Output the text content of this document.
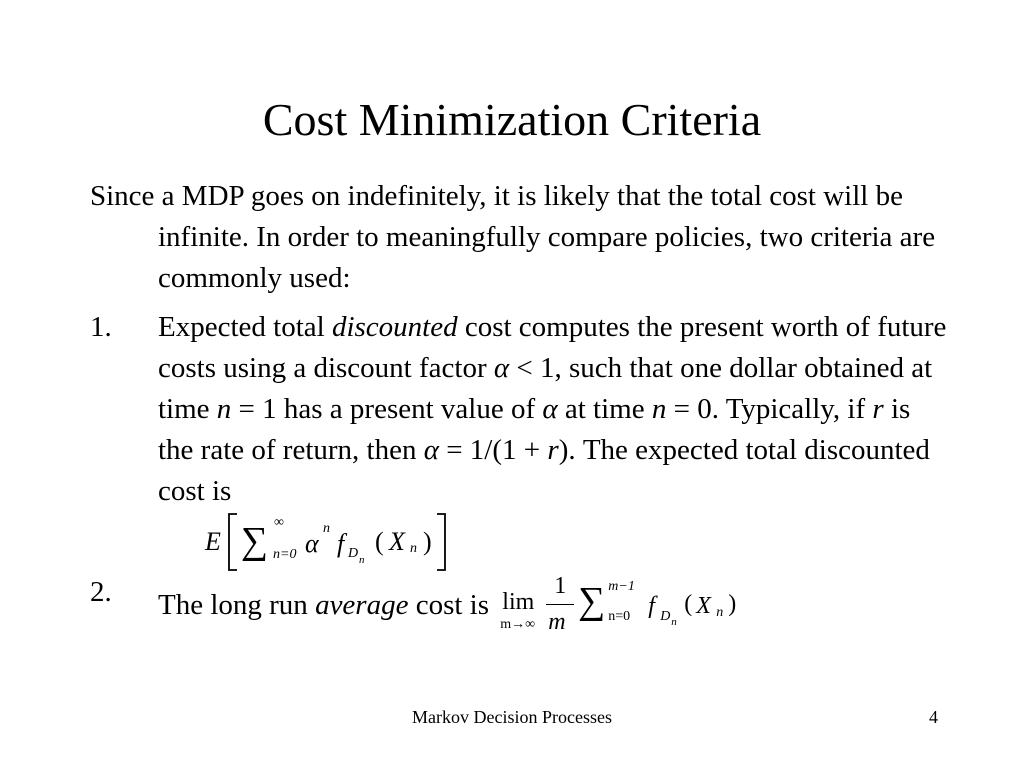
Cost Minimization Criteria

Since a MDP goes on indefinitely, it is likely that the total cost will be infinite. In order to meaningfully compare policies, two criteria are commonly used:

1. Expected total discounted cost computes the present worth of future costs using a discount factor α < 1, such that one dollar obtained at time n = 1 has a present value of α at time n = 0. Typically, if r is the rate of return, then α = 1/(1 + r). The expected total discounted cost is
2. The long run average cost is lim
m→∞
1
m ∑ m−1
n=0 f D n
( X n )
E ∑ ∞
n=0 α
n
f D n
( X n )
Markov Decision Processes	4
